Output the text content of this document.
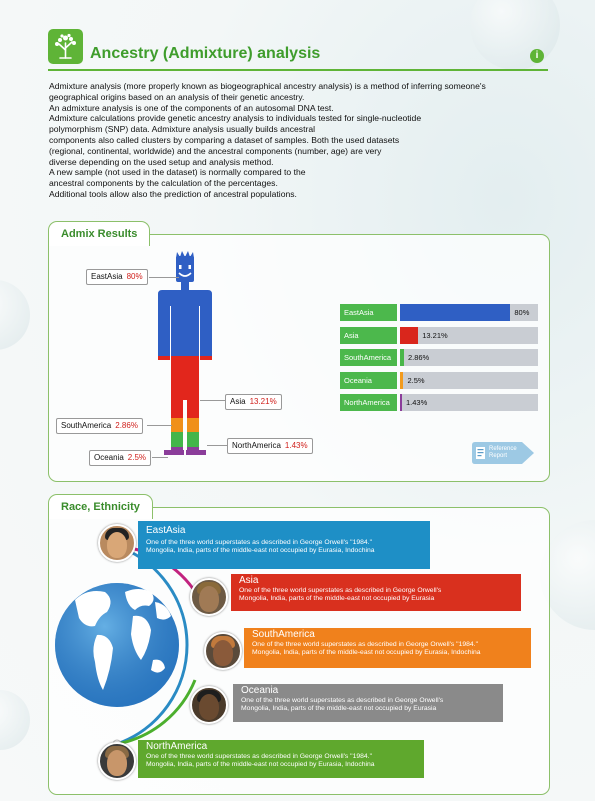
Ancestry (Admixture) analysis	i

Admixture analysis (more properly known as biogeographical ancestry analysis) is a method of inferring someone's

geographical origins based on an analysis of their genetic ancestry.

An admixture analysis is one of the components of an autosomal DNA test.

Admixture calculations provide genetic ancestry analysis to individuals tested for single-nucleotide

polymorphism (SNP) data. Admixture analysis usually builds ancestral

components also called clusters by comparing a dataset of samples. Both the used datasets

(regional, continental, worldwide) and the ancestral components (number, age) are very

diverse depending on the used setup and analysis method.

A new sample (not used in the dataset) is normally compared to the

ancestral components by the calculation of the percentages.

Additional tools allow also the prediction of ancestral populations.

Admix Results
EastAsia 80%
Asia 13.21%
SouthAmerica 2.86%
NorthAmerica 1.43%
Oceania 2.5%
EastAsia	80%
Asia	13.21%
SouthAmerica	2.86%
Oceania	2.5%
NorthAmerica	1.43%
Reference Report
Race, Ethnicity
EastAsia
One of the three world superstates as described in George Orwell's "1984."
Mongolia, India, parts of the middle-east not occupied by Eurasia, Indochina
Asia
One of the three world superstates as described in George Orwell's
Mongolia, India, parts of the middle-east not occupied by Eurasia
SouthAmerica
One of the three world superstates as described in George Orwell's "1984."
Mongolia, India, parts of the middle-east not occupied by Eurasia, Indochina
Oceania
One of the three world superstates as described in George Orwell's
Mongolia, India, parts of the middle-east not occupied by Eurasia
NorthAmerica
One of the three world superstates as described in George Orwell's "1984."
Mongolia, India, parts of the middle-east not occupied by Eurasia, Indochina
